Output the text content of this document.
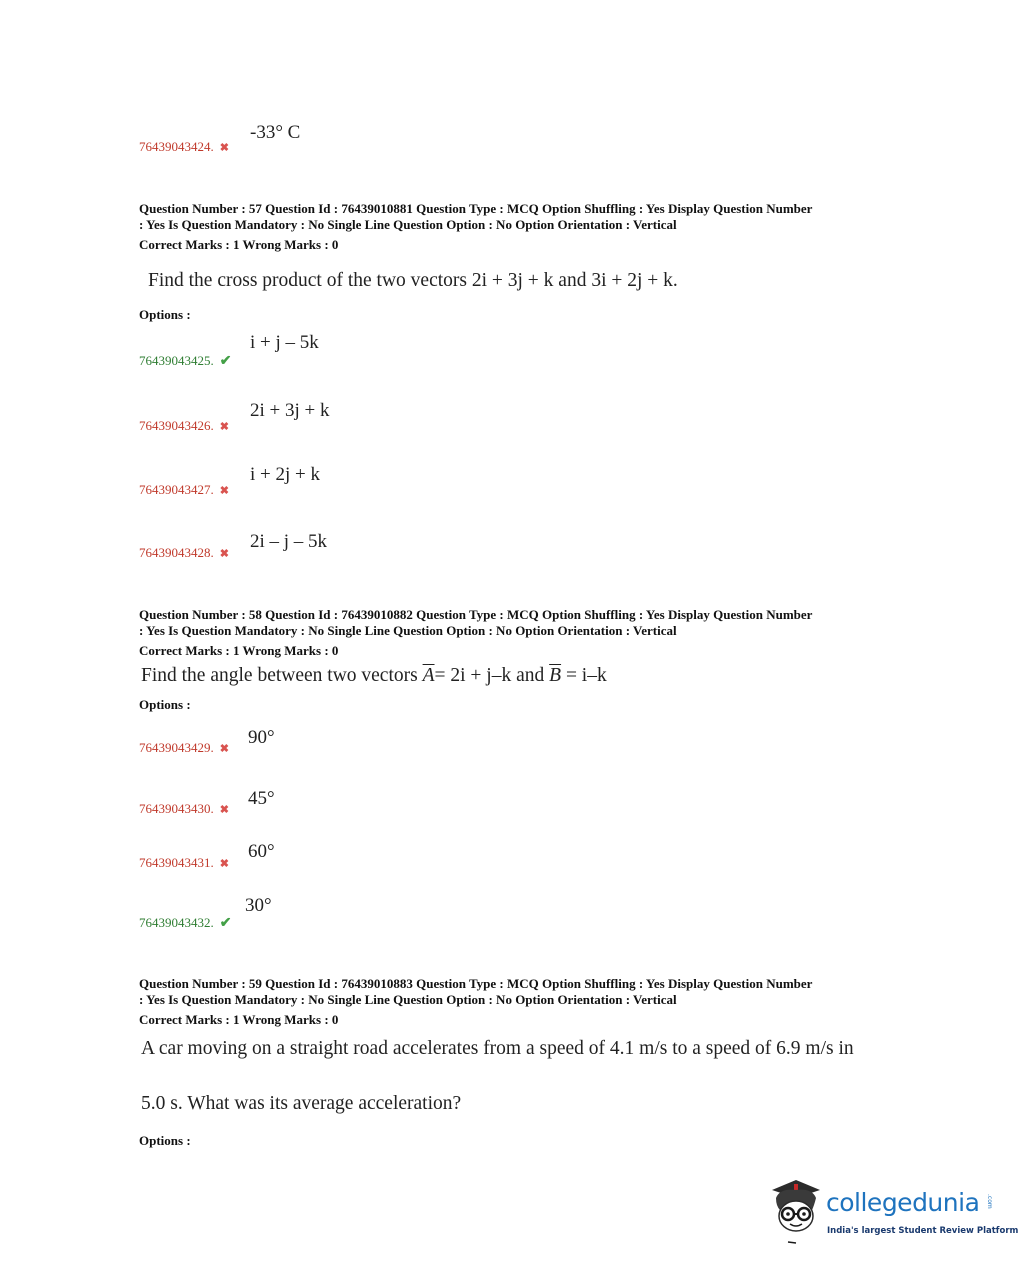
-33° C
76439043424. ✖
Question Number : 57 Question Id : 76439010881 Question Type : MCQ Option Shuffling : Yes Display Question Number
: Yes Is Question Mandatory : No Single Line Question Option : No Option Orientation : Vertical
Correct Marks : 1 Wrong Marks : 0
Find the cross product of the two vectors 2i + 3j + k and 3i + 2j + k.
Options :
i + j – 5k
76439043425. ✔
2i + 3j + k
76439043426. ✖
i + 2j + k
76439043427. ✖
2i – j – 5k
76439043428. ✖
Question Number : 58 Question Id : 76439010882 Question Type : MCQ Option Shuffling : Yes Display Question Number
: Yes Is Question Mandatory : No Single Line Question Option : No Option Orientation : Vertical
Correct Marks : 1 Wrong Marks : 0
Find the angle between two vectors $\overline{A}= 2i + j-k$ and $\overline{B} = i-k$
Options :
90°
76439043429. ✖
45°
76439043430. ✖
60°
76439043431. ✖
30°
76439043432. ✔
Question Number : 59 Question Id : 76439010883 Question Type : MCQ Option Shuffling : Yes Display Question Number
: Yes Is Question Mandatory : No Single Line Question Option : No Option Orientation : Vertical
Correct Marks : 1 Wrong Marks : 0
A car moving on a straight road accelerates from a speed of 4.1 m/s to a speed of 6.9 m/s in
5.0 s. What was its average acceleration?
Options :
collegedunia .com
India's largest Student Review Platform
